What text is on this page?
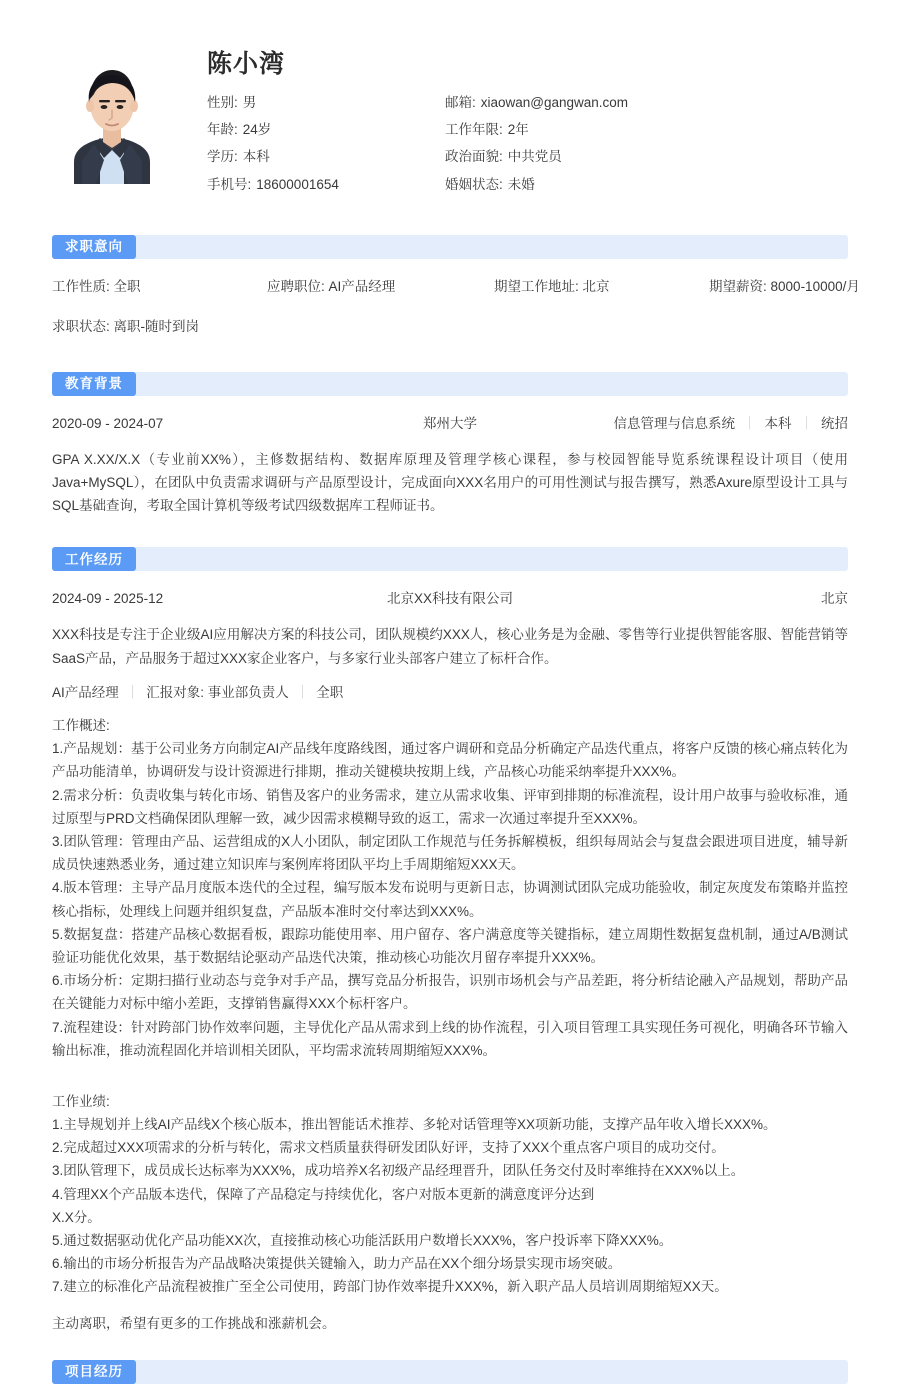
陈小湾
性别: 男	邮箱: xiaowan@gangwan.com
年龄: 24岁	工作年限: 2年
学历: 本科	政治面貌: 中共党员
手机号: 18600001654	婚姻状态: 未婚
求职意向
工作性质: 全职	应聘职位: AI产品经理	期望工作地址: 北京	期望薪资: 8000-10000/月
求职状态: 离职-随时到岗
教育背景
2020-09 - 2024-07	郑州大学	信息管理与信息系统 ｜ 本科 ｜ 统招

GPA X.XX/X.X（专业前XX%），主修数据结构、数据库原理及管理学核心课程，参与校园智能导览系统课程设计项目（使用Java+MySQL），在团队中负责需求调研与产品原型设计，完成面向XXX名用户的可用性测试与报告撰写，熟悉Axure原型设计工具与SQL基础查询，考取全国计算机等级考试四级数据库工程师证书。

工作经历
2024-09 - 2025-12	北京XX科技有限公司	北京

XXX科技是专注于企业级AI应用解决方案的科技公司，团队规模约XXX人，核心业务是为金融、零售等行业提供智能客服、智能营销等SaaS产品，产品服务于超过XXX家企业客户，与多家行业头部客户建立了标杆合作。

AI产品经理 ｜ 汇报对象: 事业部负责人 ｜ 全职
工作概述:
1.产品规划：基于公司业务方向制定AI产品线年度路线图，通过客户调研和竞品分析确定产品迭代重点，将客户反馈的核心痛点转化为产品功能清单，协调研发与设计资源进行排期，推动关键模块按期上线，产品核心功能采纳率提升XXX%。
2.需求分析：负责收集与转化市场、销售及客户的业务需求，建立从需求收集、评审到排期的标准流程，设计用户故事与验收标准，通过原型与PRD文档确保团队理解一致，减少因需求模糊导致的返工，需求一次通过率提升至XXX%。
3.团队管理：管理由产品、运营组成的X人小团队，制定团队工作规范与任务拆解模板，组织每周站会与复盘会跟进项目进度，辅导新成员快速熟悉业务，通过建立知识库与案例库将团队平均上手周期缩短XXX天。
4.版本管理：主导产品月度版本迭代的全过程，编写版本发布说明与更新日志，协调测试团队完成功能验收，制定灰度发布策略并监控核心指标，处理线上问题并组织复盘，产品版本准时交付率达到XXX%。
5.数据复盘：搭建产品核心数据看板，跟踪功能使用率、用户留存、客户满意度等关键指标，建立周期性数据复盘机制，通过A/B测试验证功能优化效果，基于数据结论驱动产品迭代决策，推动核心功能次月留存率提升XXX%。
6.市场分析：定期扫描行业动态与竞争对手产品，撰写竞品分析报告，识别市场机会与产品差距，将分析结论融入产品规划，帮助产品在关键能力对标中缩小差距，支撑销售赢得XXX个标杆客户。
7.流程建设：针对跨部门协作效率问题，主导优化产品从需求到上线的协作流程，引入项目管理工具实现任务可视化，明确各环节输入输出标准，推动流程固化并培训相关团队，平均需求流转周期缩短XXX%。
工作业绩:
1.主导规划并上线AI产品线X个核心版本，推出智能话术推荐、多轮对话管理等XX项新功能，支撑产品年收入增长XXX%。
2.完成超过XXX项需求的分析与转化，需求文档质量获得研发团队好评，支持了XXX个重点客户项目的成功交付。
3.团队管理下，成员成长达标率为XXX%，成功培养X名初级产品经理晋升，团队任务交付及时率维持在XXX%以上。
4.管理XX个产品版本迭代，保障了产品稳定与持续优化，客户对版本更新的满意度评分达到
X.X分。
5.通过数据驱动优化产品功能XX次，直接推动核心功能活跃用户数增长XXX%，客户投诉率下降XXX%。
6.输出的市场分析报告为产品战略决策提供关键输入，助力产品在XX个细分场景实现市场突破。
7.建立的标准化产品流程被推广至全公司使用，跨部门协作效率提升XXX%，新入职产品人员培训周期缩短XX天。
主动离职，希望有更多的工作挑战和涨薪机会。
项目经历
